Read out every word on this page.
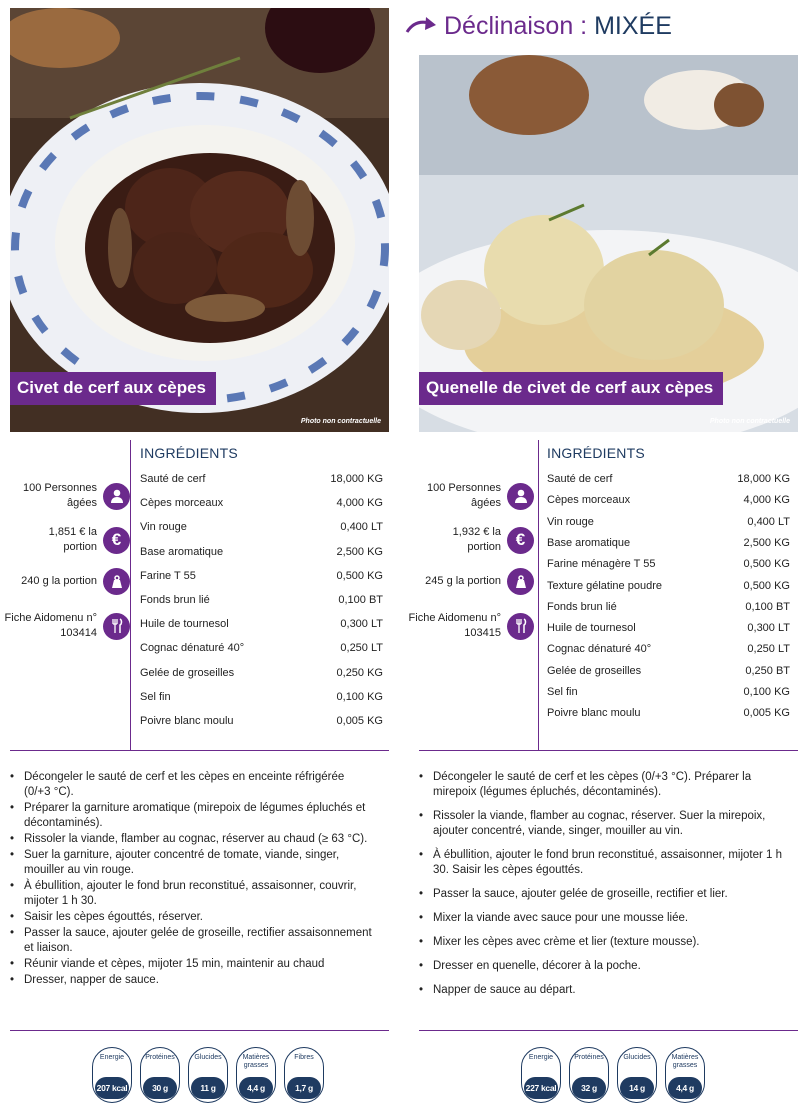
Civet de cerf aux cèpes
Photo non contractuelle
100 Personnes âgées
1,851 € la portion €
240 g la portion
Fiche Aidomenu n° 103414
INGRÉDIENTS
Sauté de cerf	18,000 KG
Cèpes morceaux	4,000 KG
Vin rouge	0,400 LT
Base aromatique	2,500 KG
Farine T 55	0,500 KG
Fonds brun lié	0,100 BT
Huile de tournesol	0,300 LT
Cognac dénaturé 40°	0,250 LT
Gelée de groseilles	0,250 KG
Sel fin	0,100 KG
Poivre blanc moulu	0,005 KG
• Décongeler le sauté de cerf et les cèpes en enceinte réfrigérée (0/+3 °C).
• Préparer la garniture aromatique (mirepoix de légumes épluchés et décontaminés).
• Rissoler la viande, flamber au cognac, réserver au chaud (≥ 63 °C).
• Suer la garniture, ajouter concentré de tomate, viande, singer, mouiller au vin rouge.
• À ébullition, ajouter le fond brun reconstitué, assaisonner, couvrir, mijoter 1 h 30.
• Saisir les cèpes égouttés, réserver.
• Passer la sauce, ajouter gelée de groseille, rectifier assaisonnement et liaison.
• Réunir viande et cèpes, mijoter 15 min, maintenir au chaud
• Dresser, napper de sauce.
Energie
207 kcal
Protéines
30 g
Glucides
11 g
Matières grasses
4,4 g
Fibres
1,7 g
Déclinaison : MIXÉE
Quenelle de civet de cerf aux cèpes
Photo non contractuelle
100 Personnes âgées
1,932 € la portion €
245 g la portion
Fiche Aidomenu n° 103415
INGRÉDIENTS
Sauté de cerf	18,000 KG
Cèpes morceaux	4,000 KG
Vin rouge	0,400 LT
Base aromatique	2,500 KG
Farine ménagère T 55	0,500 KG
Texture gélatine poudre	0,500 KG
Fonds brun lié	0,100 BT
Huile de tournesol	0,300 LT
Cognac dénaturé 40°	0,250 LT
Gelée de groseilles	0,250 BT
Sel fin	0,100 KG
Poivre blanc moulu	0,005 KG
• Décongeler le sauté de cerf et les cèpes (0/+3 °C). Préparer la mirepoix (légumes épluchés, décontaminés).
• Rissoler la viande, flamber au cognac, réserver. Suer la mirepoix, ajouter concentré, viande, singer, mouiller au vin.
• À ébullition, ajouter le fond brun reconstitué, assaisonner, mijoter 1 h 30. Saisir les cèpes égouttés.
• Passer la sauce, ajouter gelée de groseille, rectifier et lier.
• Mixer la viande avec sauce pour une mousse liée.
• Mixer les cèpes avec crème et lier (texture mousse).
• Dresser en quenelle, décorer à la poche.
• Napper de sauce au départ.
Energie
227 kcal
Protéines
32 g
Glucides
14 g
Matières grasses
4,4 g
